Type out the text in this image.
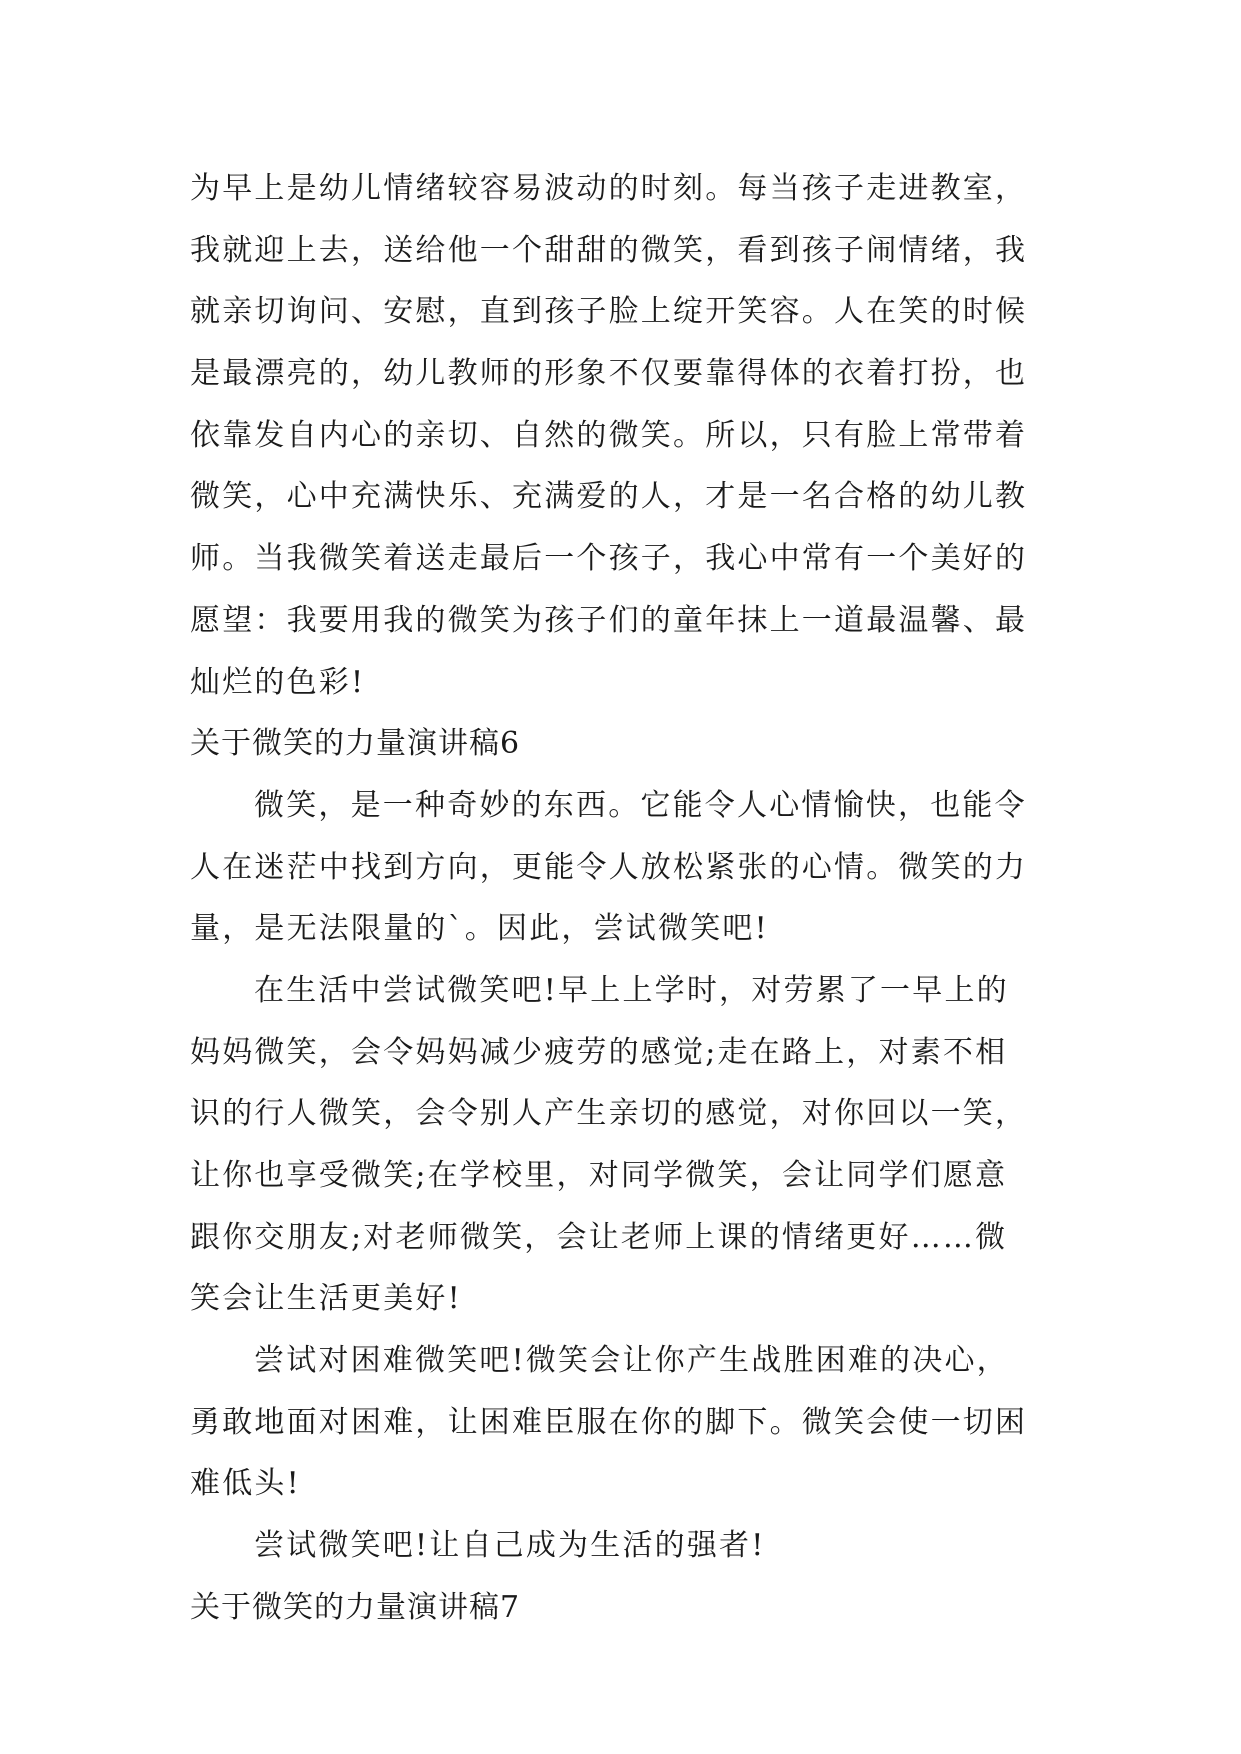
为早上是幼儿情绪较容易波动的时刻。每当孩子走进教室，
我就迎上去，送给他一个甜甜的微笑，看到孩子闹情绪，我
就亲切询问、安慰，直到孩子脸上绽开笑容。人在笑的时候
是最漂亮的，幼儿教师的形象不仅要靠得体的衣着打扮，也
依靠发自内心的亲切、自然的微笑。所以，只有脸上常带着
微笑，心中充满快乐、充满爱的人，才是一名合格的幼儿教
师。当我微笑着送走最后一个孩子，我心中常有一个美好的
愿望：我要用我的微笑为孩子们的童年抹上一道最温馨、最
灿烂的色彩!
关于微笑的力量演讲稿6
微笑，是一种奇妙的东西。它能令人心情愉快，也能令
人在迷茫中找到方向，更能令人放松紧张的心情。微笑的力
量，是无法限量的`。因此，尝试微笑吧!
在生活中尝试微笑吧!早上上学时，对劳累了一早上的
妈妈微笑，会令妈妈减少疲劳的感觉;走在路上，对素不相
识的行人微笑，会令别人产生亲切的感觉，对你回以一笑，
让你也享受微笑;在学校里，对同学微笑，会让同学们愿意
跟你交朋友;对老师微笑，会让老师上课的情绪更好……微
笑会让生活更美好!
尝试对困难微笑吧!微笑会让你产生战胜困难的决心，
勇敢地面对困难，让困难臣服在你的脚下。微笑会使一切困
难低头!
尝试微笑吧!让自己成为生活的强者!
关于微笑的力量演讲稿7
